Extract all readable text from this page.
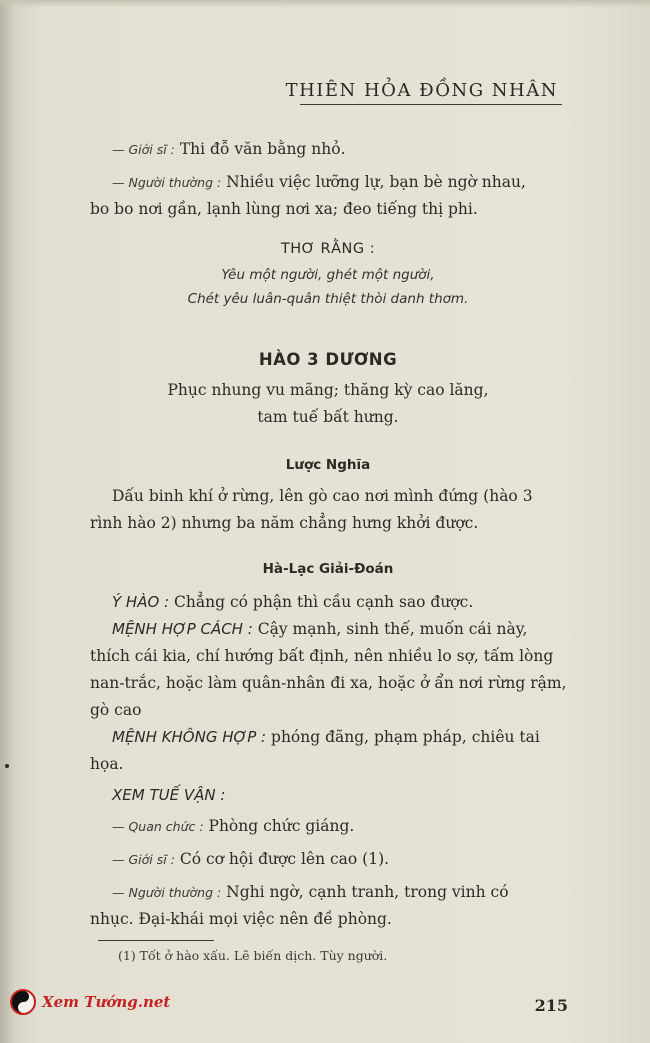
THIÊN HỎA ĐỒNG NHÂN
— Giới sĩ : Thi đỗ văn bằng nhỏ.
— Người thường : Nhiều việc lưỡng lự, bạn bè ngờ nhau,
bo bo nơi gần, lạnh lùng nơi xa; đeo tiếng thị phi.
THƠ RẰNG :
Yêu một người, ghét một người,
Chét yêu luân-quân thiệt thòi danh thơm.
HÀO 3 DƯƠNG
Phục nhung vu mãng; thăng kỳ cao lăng,
tam tuế bất hưng.
Lược Nghĩa
Dấu binh khí ở rừng, lên gò cao nơi mình đứng (hào 3
rình hào 2) nhưng ba năm chẳng hưng khởi được.
Hà-Lạc Giải-Đoán
Ý HÀO : Chẳng có phận thì cầu cạnh sao được.
MỆNH HỢP CÁCH : Cậy mạnh, sinh thế, muốn cái này,
thích cái kia, chí hướng bất định, nên nhiều lo sợ, tấm lòng
nan-trắc, hoặc làm quân-nhân đi xa, hoặc ở ẩn nơi rừng rậm,
gò cao
MỆNH KHÔNG HỢP : phóng đãng, phạm pháp, chiêu tai
họa.
XEM TUẾ VẬN :
— Quan chức : Phòng chức giáng.
— Giới sĩ : Có cơ hội được lên cao (1).
— Người thường : Nghi ngờ, cạnh tranh, trong vinh có
nhục. Đại-khái mọi việc nên đề phòng.
(1) Tốt ở hào xấu. Lẽ biến dịch. Tùy người.
Xem Tướng.net	215
